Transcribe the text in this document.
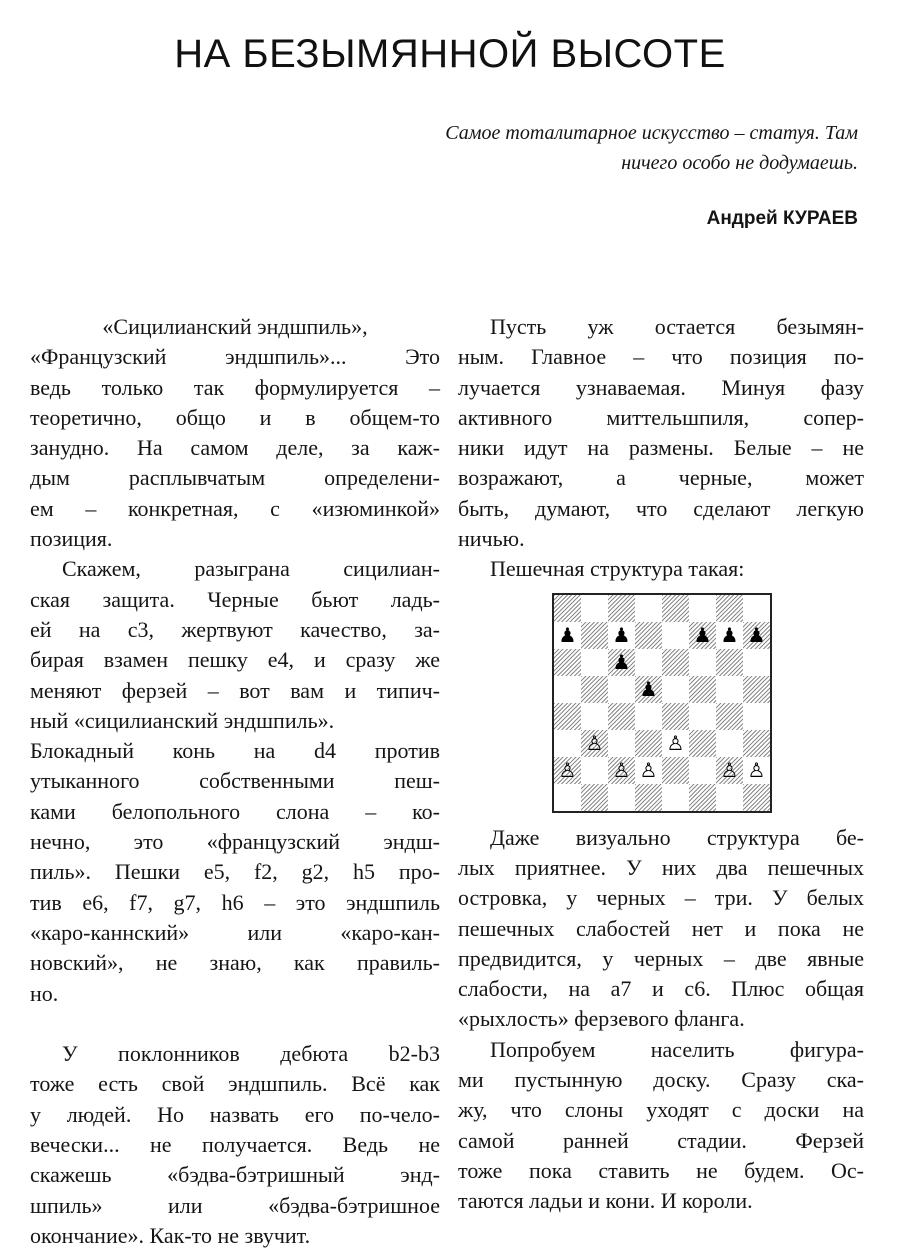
НА БЕЗЫМЯННОЙ ВЫСОТЕ
Самое тоталитарное искусство – статуя. Там
ничего особо не додумаешь.
Андрей КУРАЕВ
«Сицилианский эндшпиль»,
«Французский эндшпиль»... Это
ведь только так формулируется –
теоретично, общо и в общем-то
занудно. На самом деле, за каж-
дым расплывчатым определени-
ем – конкретная, с «изюминкой»
позиция.
Скажем, разыграна сицилиан-
ская защита. Черные бьют ладь-
ей на c3, жертвуют качество, за-
бирая взамен пешку e4, и сразу же
меняют ферзей – вот вам и типич-
ный «сицилианский эндшпиль».
Блокадный конь на d4 против
утыканного собственными пеш-
ками белопольного слона – ко-
нечно, это «французский эндш-
пиль». Пешки e5, f2, g2, h5 про-
тив e6, f7, g7, h6 – это эндшпиль
«каро-каннский» или «каро-кан-
новский», не знаю, как правиль-
но.

У поклонников дебюта b2-b3
тоже есть свой эндшпиль. Всё как
у людей. Но назвать его по-чело-
вечески... не получается. Ведь не
скажешь «бэдва-бэтришный энд-
шпиль» или «бэдва-бэтришное
окончание». Как-то не звучит.
Пусть уж остается безымян-
ным. Главное – что позиция по-
лучается узнаваемая. Минуя фазу
активного миттельшпиля, сопер-
ники идут на размены. Белые – не
возражают, а черные, может
быть, думают, что сделают легкую
ничью.
Пешечная структура такая:
♟ ♟	♟ ♟ ♟
♟
♟
♙	♙
♙ ♙ ♙	♙ ♙
Даже визуально структура бе-
лых приятнее. У них два пешечных
островка, у черных – три. У белых
пешечных слабостей нет и пока не
предвидится, у черных – две явные
слабости, на a7 и c6. Плюс общая
«рыхлость» ферзевого фланга.
Попробуем населить фигура-
ми пустынную доску. Сразу ска-
жу, что слоны уходят с доски на
самой ранней стадии. Ферзей
тоже пока ставить не будем. Ос-
таются ладьи и кони. И короли.
